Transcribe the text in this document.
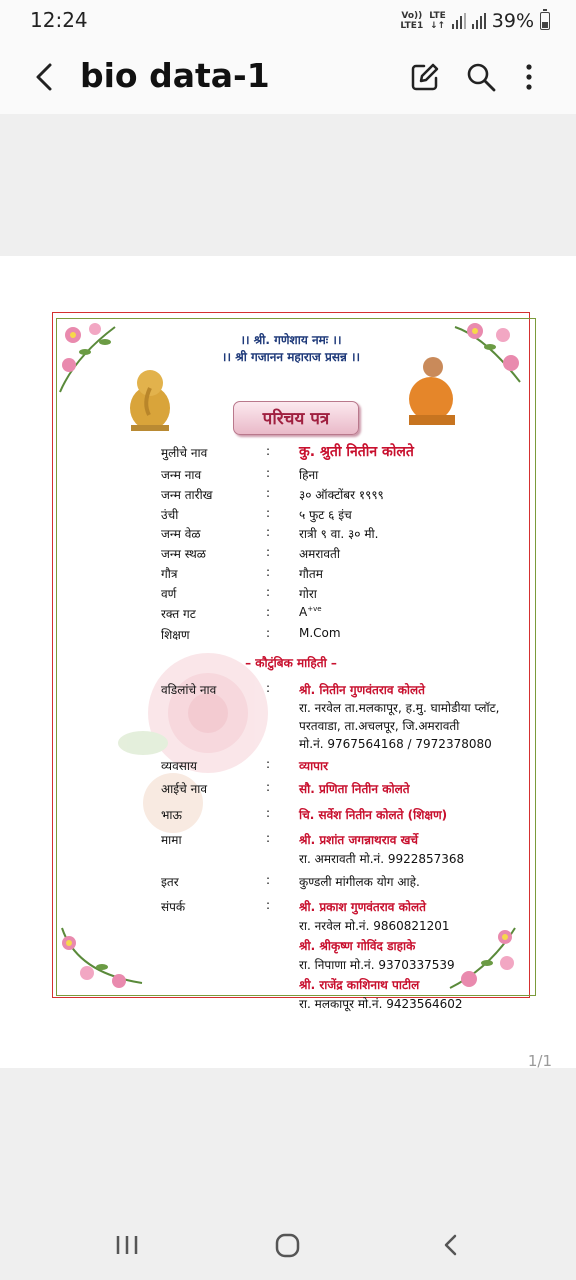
12:24	Vo))
LTE1
LTE
↓↑ 39%
bio data-1
।। श्री. गणेशाय नमः ।।
।। श्री गजानन महाराज प्रसन्न ।।
परिचय पत्र
मुलीचे नाव	: कु. श्रुती नितीन कोलते
जन्म नाव	: हिना
जन्म तारीख	: ३० ऑक्टोंबर १९९९
उंची	: ५ फुट ६ इंच
जन्म वेळ	: रात्री ९ वा. ३० मी.
जन्म स्थळ	: अमरावती
गौत्र	: गौतम
वर्ण	: गोरा
रक्त गट	: $A^{+ve}$
शिक्षण	: M.Com
– कौटुंबिक माहिती –
वडिलांचे नाव	: श्री. नितीन गुणवंतराव कोलते
रा. नरवेल ता.मलकापूर, ह.मु. घामोडीया प्लॉट,
परतवाडा, ता.अचलपूर, जि.अमरावती
मो.नं. 9767564168 / 7972378080
व्यवसाय	: व्यापार
आईचे नाव	: सौ. प्रणिता नितीन कोलते
भाऊ	: चि. सर्वेश नितीन कोलते (शिक्षण)
मामा	: श्री. प्रशांत जगन्नाथराव खर्चे
रा. अमरावती मो.नं. 9922857368
इतर	: कुण्डली मांगीलक योग आहे.
संपर्क	: श्री. प्रकाश गुणवंतराव कोलते
रा. नरवेल मो.नं. 9860821201
श्री. श्रीकृष्ण गोविंद डाहाके
रा. निपाणा मो.नं. 9370337539
श्री. राजेंद्र काशिनाथ पाटील
रा. मलकापूर मो.नं. 9423564602
1/1
